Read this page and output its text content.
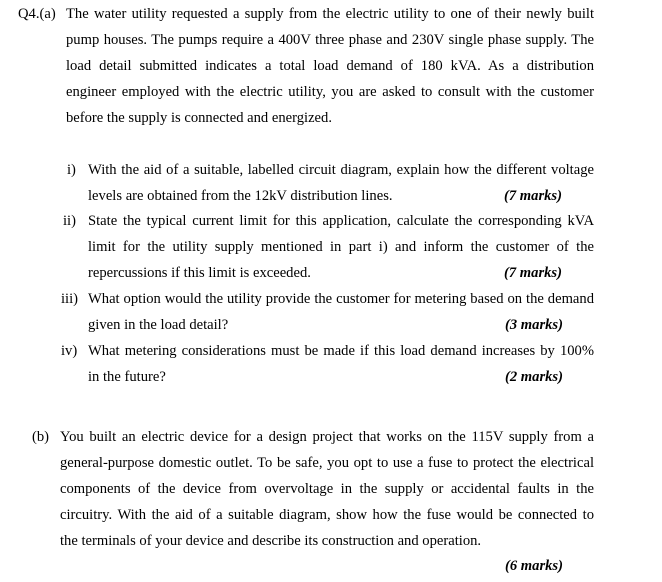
Q4.(a) The water utility requested a supply from the electric utility to one of their newly built
pump houses. The pumps require a 400V three phase and 230V single phase supply. The
load detail submitted indicates a total load demand of 180 kVA. As a distribution
engineer employed with the electric utility, you are asked to consult with the customer
before the supply is connected and energized.
i) With the aid of a suitable, labelled circuit diagram, explain how the different voltage
levels are obtained from the 12kV distribution lines.	(7 marks)
ii) State the typical current limit for this application, calculate the corresponding kVA
limit for the utility supply mentioned in part i) and inform the customer of the
repercussions if this limit is exceeded.	(7 marks)
iii) What option would the utility provide the customer for metering based on the demand
given in the load detail?	(3 marks)
iv) What metering considerations must be made if this load demand increases by 100%
in the future?	(2 marks)
(b) You built an electric device for a design project that works on the 115V supply from a
general-purpose domestic outlet. To be safe, you opt to use a fuse to protect the electrical
components of the device from overvoltage in the supply or accidental faults in the
circuitry. With the aid of a suitable diagram, show how the fuse would be connected to
the terminals of your device and describe its construction and operation.
(6 marks)
